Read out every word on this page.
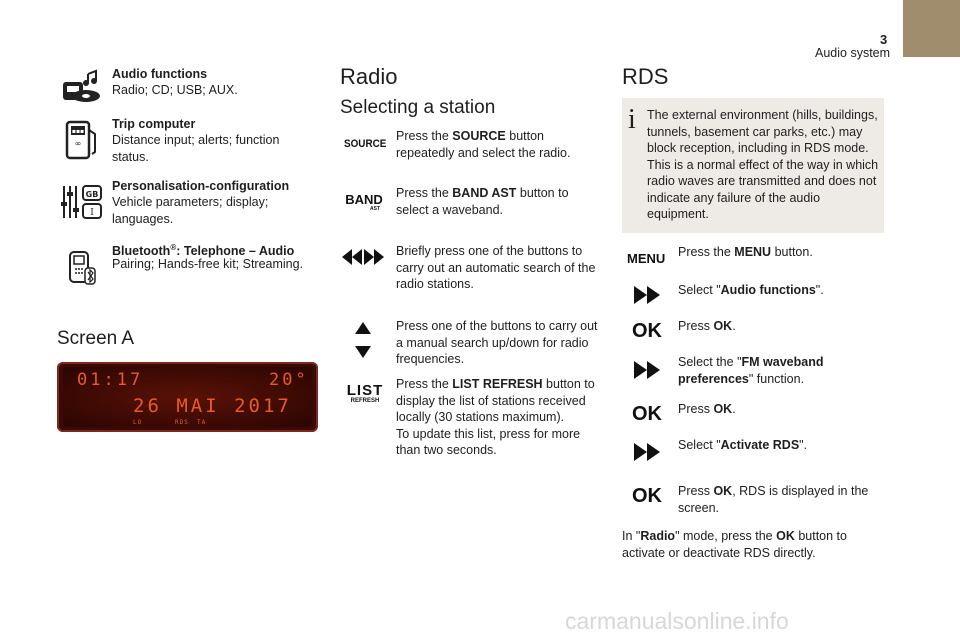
3
Audio system
Audio functions
Radio; CD; USB; AUX.
▪▪▪
∞
Trip computer
Distance input; alerts; function status.
GB
I
Personalisation-configuration
Vehicle parameters; display; languages.
Bluetooth®: Telephone – Audio
Pairing; Hands-free kit; Streaming.
Screen A
01:17	20°
26 MAI 2017
LO	RDS TA
Radio
Selecting a station
SOURCE
Press the SOURCE button repeatedly and select the radio.
BAND
AST
Press the BAND AST button to select a waveband.
Briefly press one of the buttons to carry out an automatic search of the radio stations.
Press one of the buttons to carry out a manual search up/down for radio frequencies.
LIST
REFRESH
Press the LIST REFRESH button to display the list of stations received locally (30 stations maximum).
To update this list, press for more than two seconds.
RDS
i The external environment (hills, buildings, tunnels, basement car parks, etc.) may block reception, including in RDS mode. This is a normal effect of the way in which radio waves are transmitted and does not indicate any failure of the audio equipment.
MENU Press the MENU button.
Select "Audio functions".
OK Press OK.
Select the "FM waveband preferences" function.
OK Press OK.
Select "Activate RDS".
OK Press OK, RDS is displayed in the screen.
In "Radio" mode, press the OK button to activate or deactivate RDS directly.
carmanualsonline.info
